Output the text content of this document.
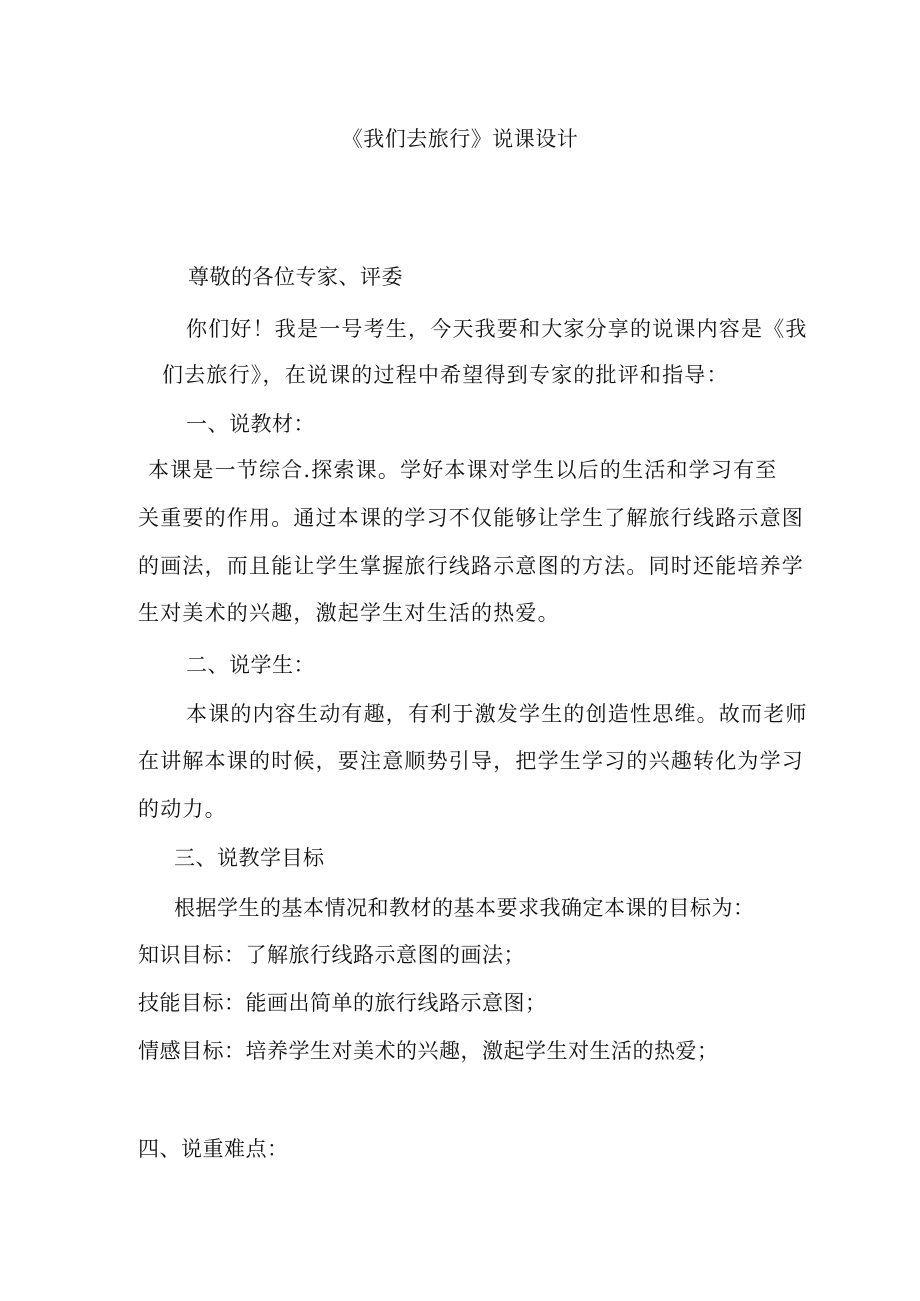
《我们去旅行》说课设计
尊敬的各位专家、评委
你们好！我是一号考生，今天我要和大家分享的说课内容是《我
们去旅行》，在说课的过程中希望得到专家的批评和指导：
一、说教材：
本课是一节综合.探索课。学好本课对学生以后的生活和学习有至
关重要的作用。通过本课的学习不仅能够让学生了解旅行线路示意图
的画法，而且能让学生掌握旅行线路示意图的方法。同时还能培养学
生对美术的兴趣，激起学生对生活的热爱。
二、说学生：
本课的内容生动有趣，有利于激发学生的创造性思维。故而老师
在讲解本课的时候，要注意顺势引导，把学生学习的兴趣转化为学习
的动力。
三、说教学目标
根据学生的基本情况和教材的基本要求我确定本课的目标为：
知识目标：了解旅行线路示意图的画法；
技能目标：能画出简单的旅行线路示意图；
情感目标：培养学生对美术的兴趣，激起学生对生活的热爱；
四、说重难点：
